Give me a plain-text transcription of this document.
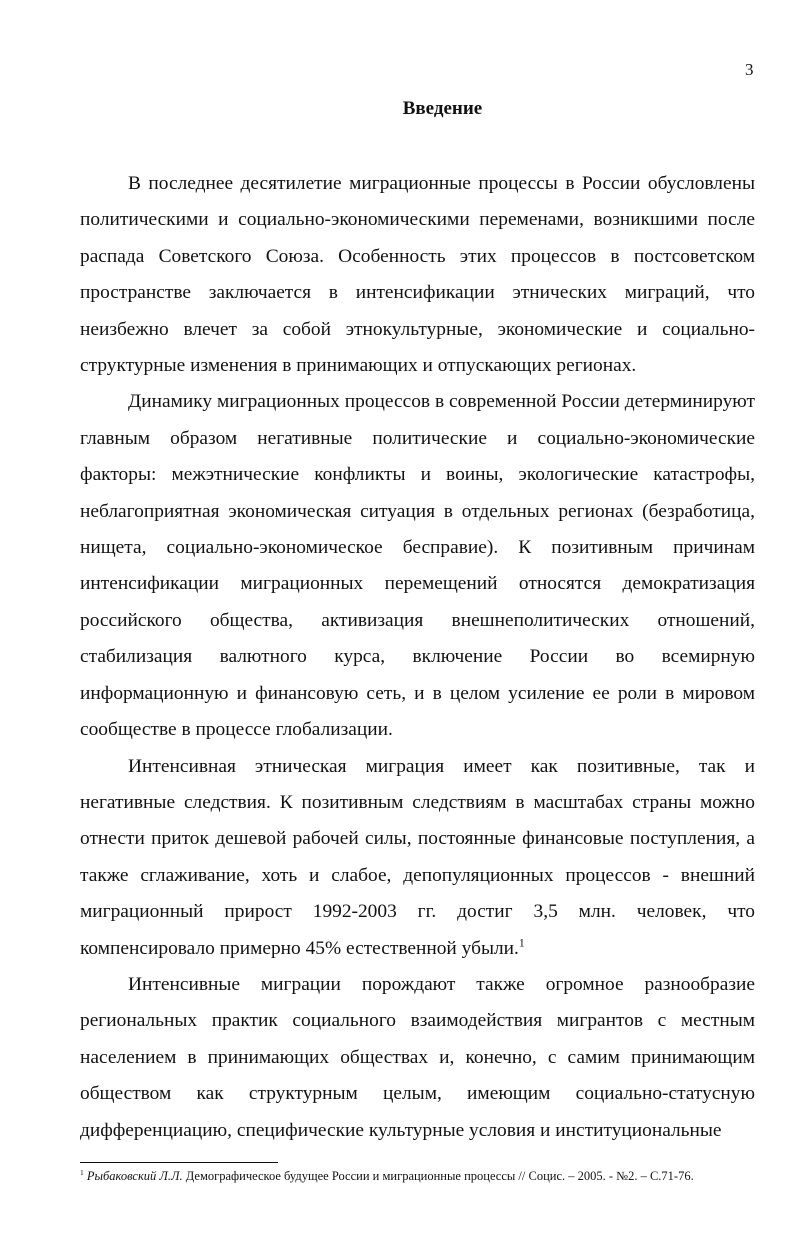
3
Введение

В последнее десятилетие миграционные процессы в России обусловлены политическими и социально-экономическими переменами, возникшими после распада Советского Союза. Особенность этих процессов в постсоветском пространстве заключается в интенсификации этнических миграций, что неизбежно влечет за собой этнокультурные, экономические и социально-структурные изменения в принимающих и отпускающих регионах.

Динамику миграционных процессов в современной России детерминируют главным образом негативные политические и социально-экономические факторы: межэтнические конфликты и воины, экологические катастрофы, неблагоприятная экономическая ситуация в отдельных регионах (безработица, нищета, социально-экономическое бесправие). К позитивным причинам интенсификации миграционных перемещений относятся демократизация российского общества, активизация внешнеполитических отношений, стабилизация валютного курса, включение России во всемирную информационную и финансовую сеть, и в целом усиление ее роли в мировом сообществе в процессе глобализации.

Интенсивная этническая миграция имеет как позитивные, так и негативные следствия. К позитивным следствиям в масштабах страны можно отнести приток дешевой рабочей силы, постоянные финансовые поступления, а также сглаживание, хоть и слабое, депопуляционных процессов - внешний миграционный прирост 1992-2003 гг. достиг 3,5 млн. человек, что компенсировало примерно 45% естественной убыли.$^1$

Интенсивные миграции порождают также огромное разнообразие региональных практик социального взаимодействия мигрантов с местным населением в принимающих обществах и, конечно, с самим принимающим обществом как структурным целым, имеющим социально-статусную дифференциацию, специфические культурные условия и институциональные

$^1$ Рыбаковский Л.Л. Демографическое будущее России и миграционные процессы // Социс. – 2005. - №2. – С.71-76.
